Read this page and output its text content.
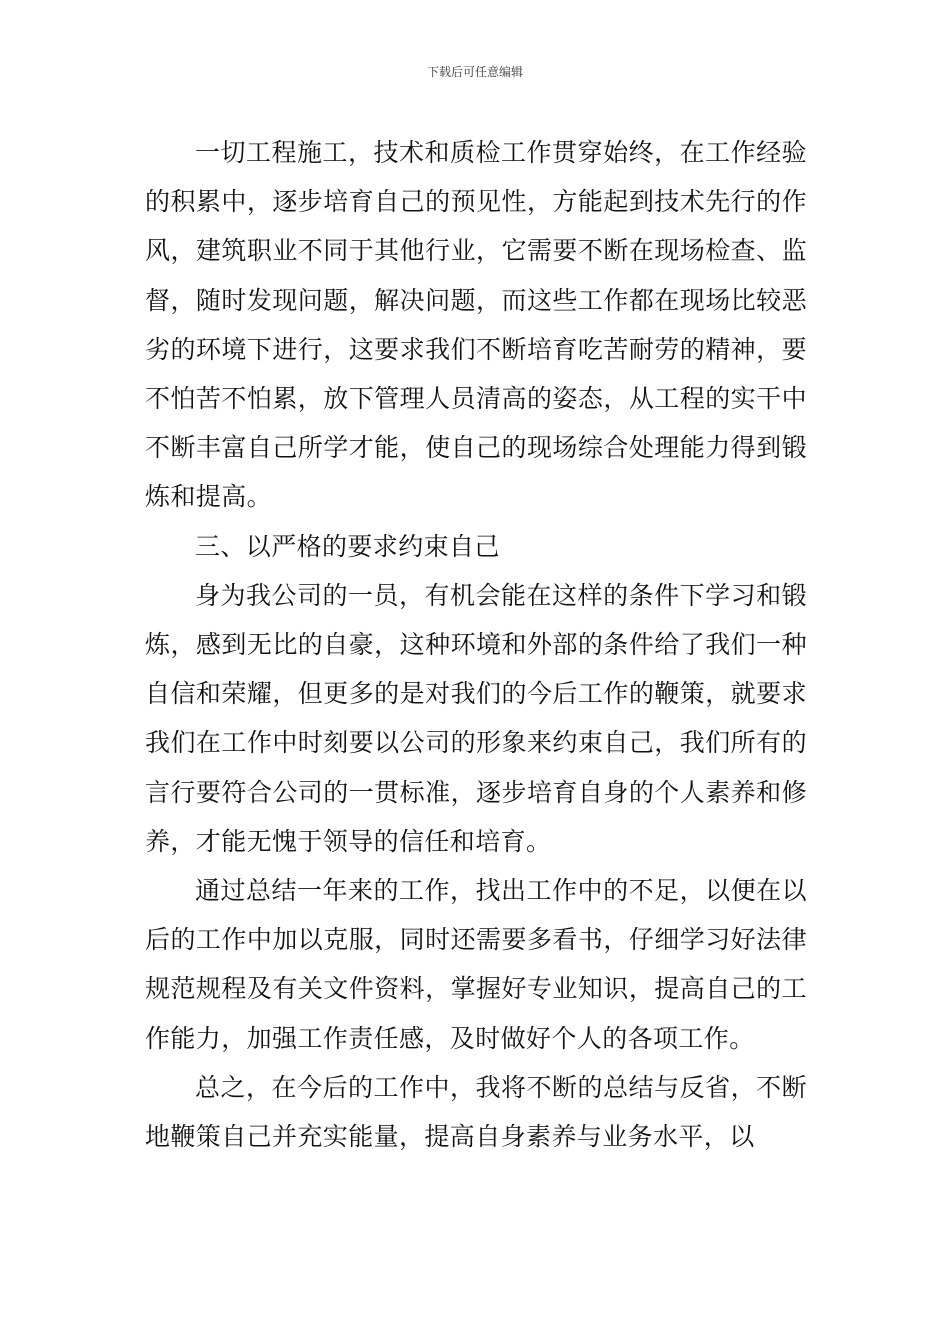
下载后可任意编辑

一切工程施工，技术和质检工作贯穿始终，在工作经验的积累中，逐步培育自己的预见性，方能起到技术先行的作风，建筑职业不同于其他行业，它需要不断在现场检查、监督，随时发现问题，解决问题，而这些工作都在现场比较恶劣的环境下进行，这要求我们不断培育吃苦耐劳的精神，要不怕苦不怕累，放下管理人员清高的姿态，从工程的实干中不断丰富自己所学才能，使自己的现场综合处理能力得到锻炼和提高。

三、以严格的要求约束自己

身为我公司的一员，有机会能在这样的条件下学习和锻炼，感到无比的自豪，这种环境和外部的条件给了我们一种自信和荣耀，但更多的是对我们的今后工作的鞭策，就要求我们在工作中时刻要以公司的形象来约束自己，我们所有的言行要符合公司的一贯标准，逐步培育自身的个人素养和修养，才能无愧于领导的信任和培育。

通过总结一年来的工作，找出工作中的不足，以便在以后的工作中加以克服，同时还需要多看书，仔细学习好法律规范规程及有关文件资料，掌握好专业知识，提高自己的工作能力，加强工作责任感，及时做好个人的各项工作。

总之，在今后的工作中，我将不断的总结与反省，不断地鞭策自己并充实能量，提高自身素养与业务水平，以
